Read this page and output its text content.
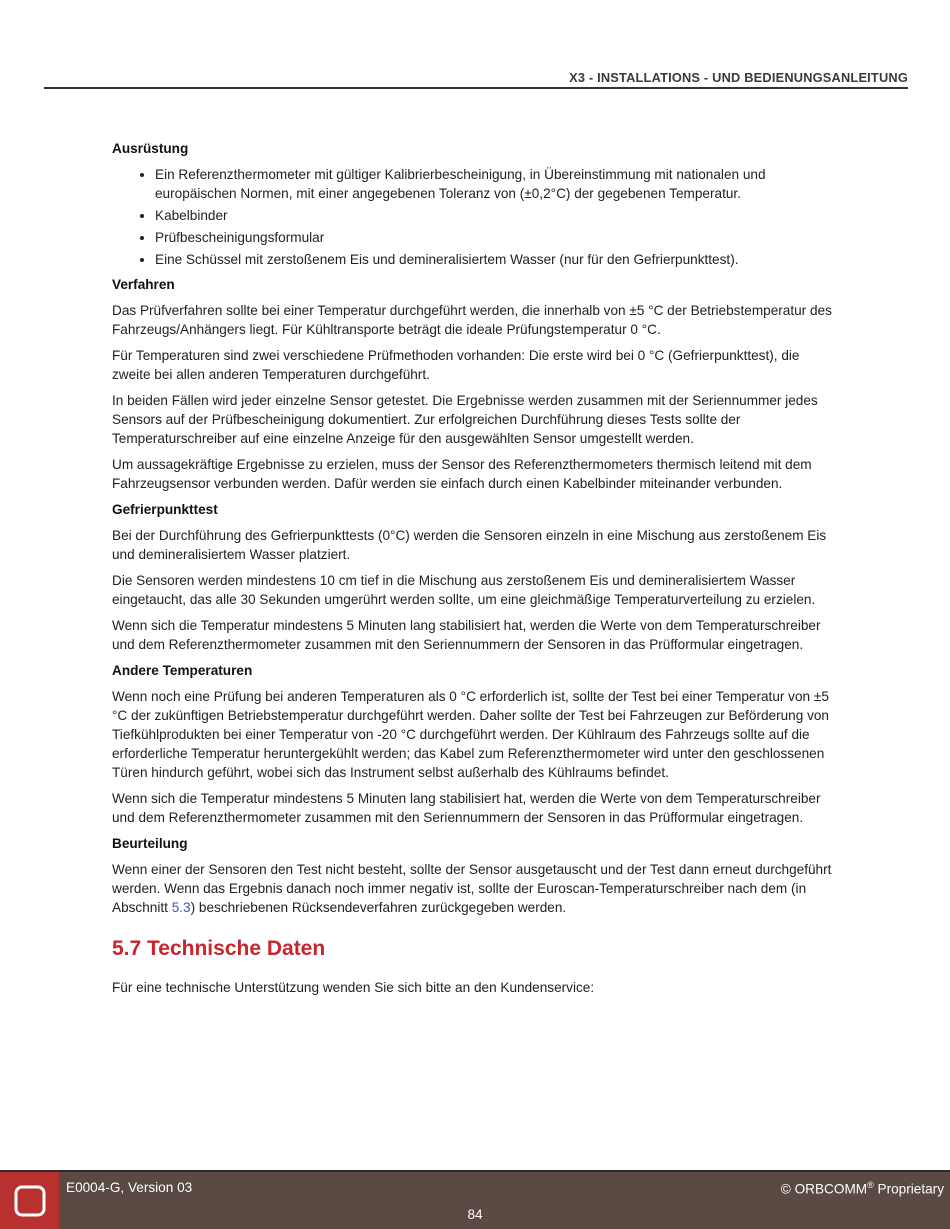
X3 - INSTALLATIONS - UND BEDIENUNGSANLEITUNG
Ausrüstung
Ein Referenzthermometer mit gültiger Kalibrierbescheinigung, in Übereinstimmung mit nationalen und europäischen Normen, mit einer angegebenen Toleranz von (±0,2°C) der gegebenen Temperatur.
Kabelbinder
Prüfbescheinigungsformular
Eine Schüssel mit zerstoßenem Eis und demineralisiertem Wasser (nur für den Gefrierpunkttest).
Verfahren

Das Prüfverfahren sollte bei einer Temperatur durchgeführt werden, die innerhalb von ±5 °C der Betriebstemperatur des Fahrzeugs/Anhängers liegt. Für Kühltransporte beträgt die ideale Prüfungstemperatur 0 °C.

Für Temperaturen sind zwei verschiedene Prüfmethoden vorhanden: Die erste wird bei 0 °C (Gefrierpunkttest), die zweite bei allen anderen Temperaturen durchgeführt.

In beiden Fällen wird jeder einzelne Sensor getestet. Die Ergebnisse werden zusammen mit der Seriennummer jedes Sensors auf der Prüfbescheinigung dokumentiert. Zur erfolgreichen Durchführung dieses Tests sollte der Temperaturschreiber auf eine einzelne Anzeige für den ausgewählten Sensor umgestellt werden.

Um aussagekräftige Ergebnisse zu erzielen, muss der Sensor des Referenzthermometers thermisch leitend mit dem Fahrzeugsensor verbunden werden. Dafür werden sie einfach durch einen Kabelbinder miteinander verbunden.

Gefrierpunkttest

Bei der Durchführung des Gefrierpunkttests (0°C) werden die Sensoren einzeln in eine Mischung aus zerstoßenem Eis und demineralisiertem Wasser platziert.

Die Sensoren werden mindestens 10 cm tief in die Mischung aus zerstoßenem Eis und demineralisiertem Wasser eingetaucht, das alle 30 Sekunden umgerührt werden sollte, um eine gleichmäßige Temperaturverteilung zu erzielen.

Wenn sich die Temperatur mindestens 5 Minuten lang stabilisiert hat, werden die Werte von dem Temperaturschreiber und dem Referenzthermometer zusammen mit den Seriennummern der Sensoren in das Prüfformular eingetragen.

Andere Temperaturen

Wenn noch eine Prüfung bei anderen Temperaturen als 0 °C erforderlich ist, sollte der Test bei einer Temperatur von ±5 °C der zukünftigen Betriebstemperatur durchgeführt werden. Daher sollte der Test bei Fahrzeugen zur Beförderung von Tiefkühlprodukten bei einer Temperatur von -20 °C durchgeführt werden. Der Kühlraum des Fahrzeugs sollte auf die erforderliche Temperatur heruntergekühlt werden; das Kabel zum Referenzthermometer wird unter den geschlossenen Türen hindurch geführt, wobei sich das Instrument selbst außerhalb des Kühlraums befindet.

Wenn sich die Temperatur mindestens 5 Minuten lang stabilisiert hat, werden die Werte von dem Temperaturschreiber und dem Referenzthermometer zusammen mit den Seriennummern der Sensoren in das Prüfformular eingetragen.

Beurteilung

Wenn einer der Sensoren den Test nicht besteht, sollte der Sensor ausgetauscht und der Test dann erneut durchgeführt werden. Wenn das Ergebnis danach noch immer negativ ist, sollte der Euroscan-Temperaturschreiber nach dem (in Abschnitt 5.3) beschriebenen Rücksendeverfahren zurückgegeben werden.

5.7 Technische Daten

Für eine technische Unterstützung wenden Sie sich bitte an den Kundenservice:

E0004-G, Version 03	© ORBCOMM® Proprietary
84
